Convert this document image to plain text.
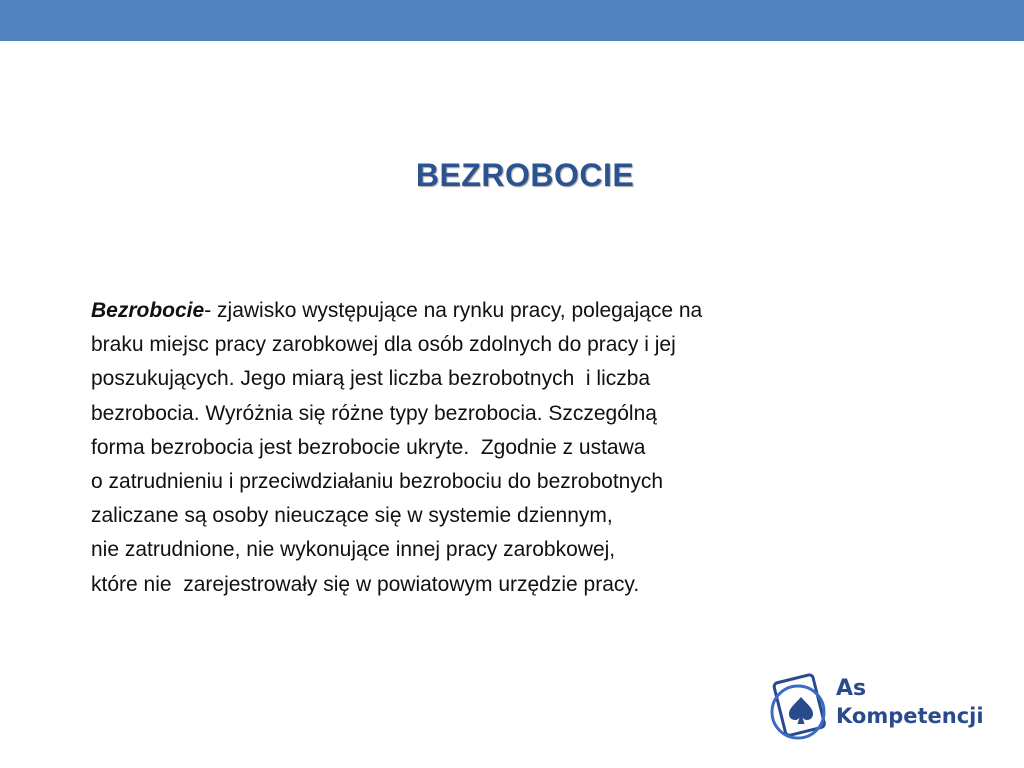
BEZROBOCIE
Bezrobocie- zjawisko występujące na rynku pracy, polegające na
braku miejsc pracy zarobkowej dla osób zdolnych do pracy i jej
poszukujących. Jego miarą jest liczba bezrobotnych  i liczba
bezrobocia. Wyróżnia się różne typy bezrobocia. Szczególną
forma bezrobocia jest bezrobocie ukryte.  Zgodnie z ustawa
o zatrudnieniu i przeciwdziałaniu bezrobociu do bezrobotnych
zaliczane są osoby nieuczące się w systemie dziennym,
nie zatrudnione, nie wykonujące innej pracy zarobkowej,
które nie  zarejestrowały się w powiatowym urzędzie pracy.
As
Kompetencji
